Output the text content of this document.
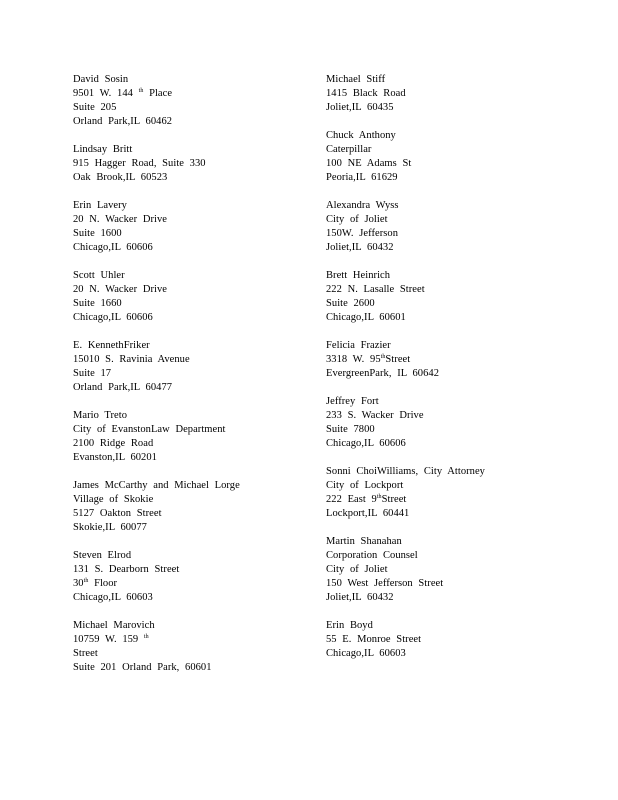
David Sosin
9501 W. 144 $^{th}$ Place
Suite 205
Orland Park,IL 60462
Lindsay Britt
915 Hagger Road, Suite 330
Oak Brook,IL 60523
Erin Lavery
20 N. Wacker Drive
Suite 1600
Chicago,IL 60606
Scott Uhler
20 N. Wacker Drive
Suite 1660
Chicago,IL 60606
E. KennethFriker
15010 S. Ravinia Avenue
Suite 17
Orland Park,IL 60477
Mario Treto
City of EvanstonLaw Department
2100 Ridge Road
Evanston,IL 60201
James McCarthy and Michael Lorge
Village of Skokie
5127 Oakton Street
Skokie,IL 60077
Steven Elrod
131 S. Dearborn Street
30th Floor
Chicago,IL 60603
Michael Marovich
10759 W. 159 $^{th}$
Street
Suite 201 Orland Park, 60601
Michael Stiff
1415 Black Road
Joliet,IL 60435
Chuck Anthony
Caterpillar
100 NE Adams St
Peoria,IL 61629
Alexandra Wyss
City of Joliet
150W. Jefferson
Joliet,IL 60432
Brett Heinrich
222 N. Lasalle Street
Suite 2600
Chicago,IL 60601
Felicia Frazier
3318 W. 95thStreet
EvergreenPark, IL 60642
Jeffrey Fort
233 S. Wacker Drive
Suite 7800
Chicago,IL 60606
Sonni ChoiWilliams, City Attorney
City of Lockport
222 East 9thStreet
Lockport,IL 60441
Martin Shanahan
Corporation Counsel
City of Joliet
150 West Jefferson Street
Joliet,IL 60432
Erin Boyd
55 E. Monroe Street
Chicago,IL 60603
